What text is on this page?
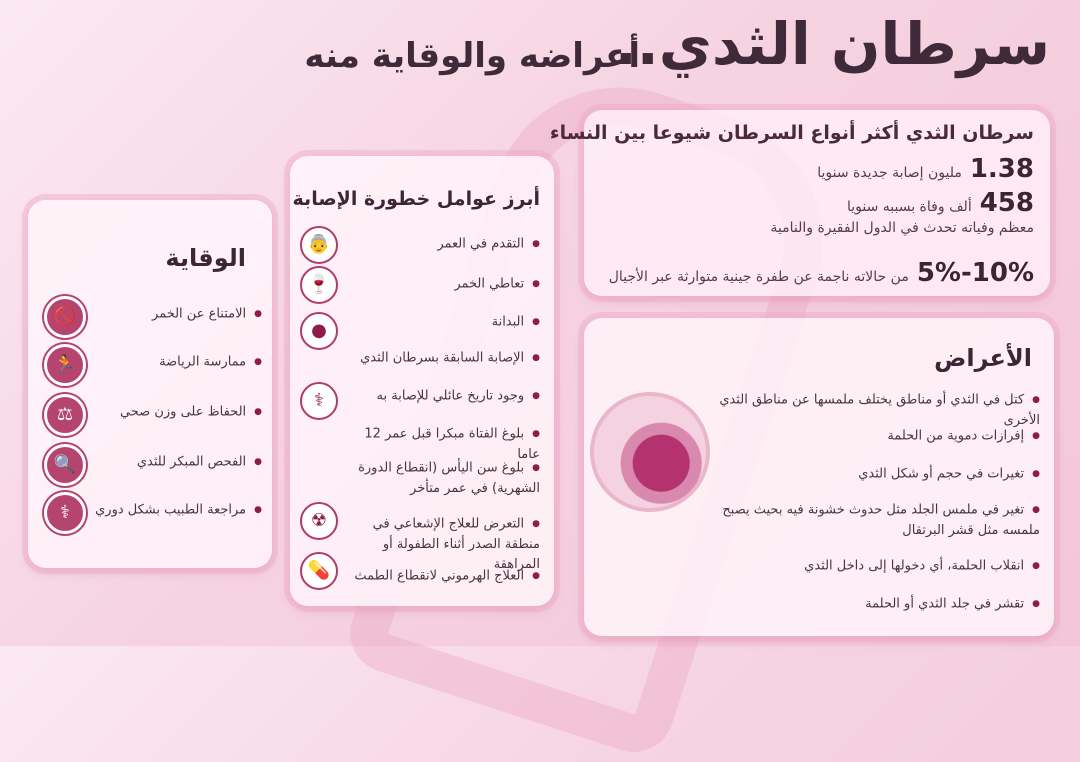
سرطان الثدي..
أعراضه والوقاية منه
سرطان الثدي أكثر أنواع السرطان شيوعا بين النساء
1.38
مليون إصابة جديدة سنويا
458
ألف وفاة بسببه سنويا
معظم وفياته تحدث في الدول الفقيرة والنامية
5%-10%
من حالاته ناجمة عن طفرة جينية متوارثة عبر الأجيال
الأعراض
● كتل في الثدي أو مناطق يختلف ملمسها عن مناطق الثدي الأخرى
● إفرازات دموية من الحلمة
● تغيرات في حجم أو شكل الثدي
● تغير في ملمس الجلد مثل حدوث خشونة فيه بحيث يصبح ملمسه مثل قشر البرتقال
● انقلاب الحلمة، أي دخولها إلى داخل الثدي
● تقشر في جلد الثدي أو الحلمة
أبرز عوامل خطورة الإصابة
● التقدم في العمر
● تعاطي الخمر
● البدانة
● الإصابة السابقة بسرطان الثدي
● وجود تاريخ عائلي للإصابة به
● بلوغ الفتاة مبكرا قبل عمر 12 عاما
● بلوغ سن اليأس (انقطاع الدورة الشهرية) في عمر متأخر
● التعرض للعلاج الإشعاعي في منطقة الصدر أثناء الطفولة أو المراهقة
● العلاج الهرموني لانقطاع الطمث
👵
🍷
●
⚕
☢
💊
الوقاية
● الامتناع عن الخمر
● ممارسة الرياضة
● الحفاظ على وزن صحي
● الفحص المبكر للثدي
● مراجعة الطبيب بشكل دوري
🚫
🏃
⚖
🔍
⚕
